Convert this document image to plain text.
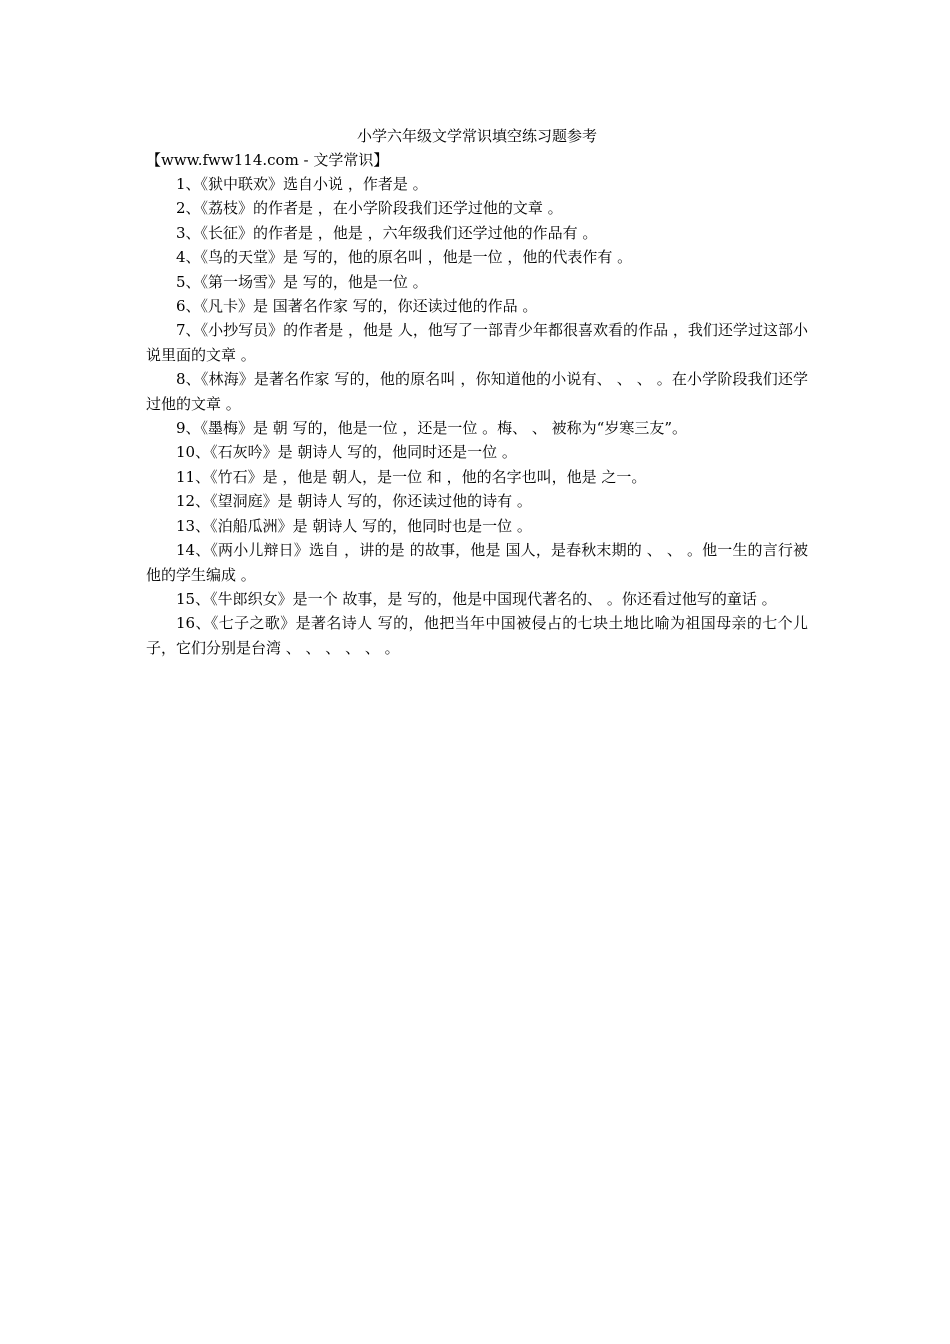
小学六年级文学常识填空练习题参考

【www.fww114.com - 文学常识】

1、《狱中联欢》选自小说 ，作者是 。

2、《荔枝》的作者是 ，在小学阶段我们还学过他的文章 。

3、《长征》的作者是 ，他是 ，六年级我们还学过他的作品有 。

4、《鸟的天堂》是 写的，他的原名叫 ，他是一位 ，他的代表作有 。

5、《第一场雪》是 写的，他是一位 。

6、《凡卡》是 国著名作家 写的，你还读过他的作品 。

7、《小抄写员》的作者是 ，他是 人，他写了一部青少年都很喜欢看的作品 ，我们还学过这部小说里面的文章 。

8、《林海》是著名作家 写的，他的原名叫 ，你知道他的小说有、 、 、 。在小学阶段我们还学过他的文章 。

9、《墨梅》是 朝 写的，他是一位 ，还是一位 。梅、 、 被称为“岁寒三友”。

10、《石灰吟》是 朝诗人 写的，他同时还是一位 。

11、《竹石》是 ，他是 朝人，是一位 和 ，他的名字也叫，他是 之一。

12、《望洞庭》是 朝诗人 写的，你还读过他的诗有 。

13、《泊船瓜洲》是 朝诗人 写的，他同时也是一位 。

14、《两小儿辩日》选自 ，讲的是 的故事，他是 国人，是春秋末期的 、 、 。他一生的言行被他的学生编成 。

15、《牛郎织女》是一个 故事，是 写的，他是中国现代著名的、 。你还看过他写的童话 。

16、《七子之歌》是著名诗人 写的，他把当年中国被侵占的七块土地比喻为祖国母亲的七个儿子，它们分别是台湾 、 、 、 、 、 。
